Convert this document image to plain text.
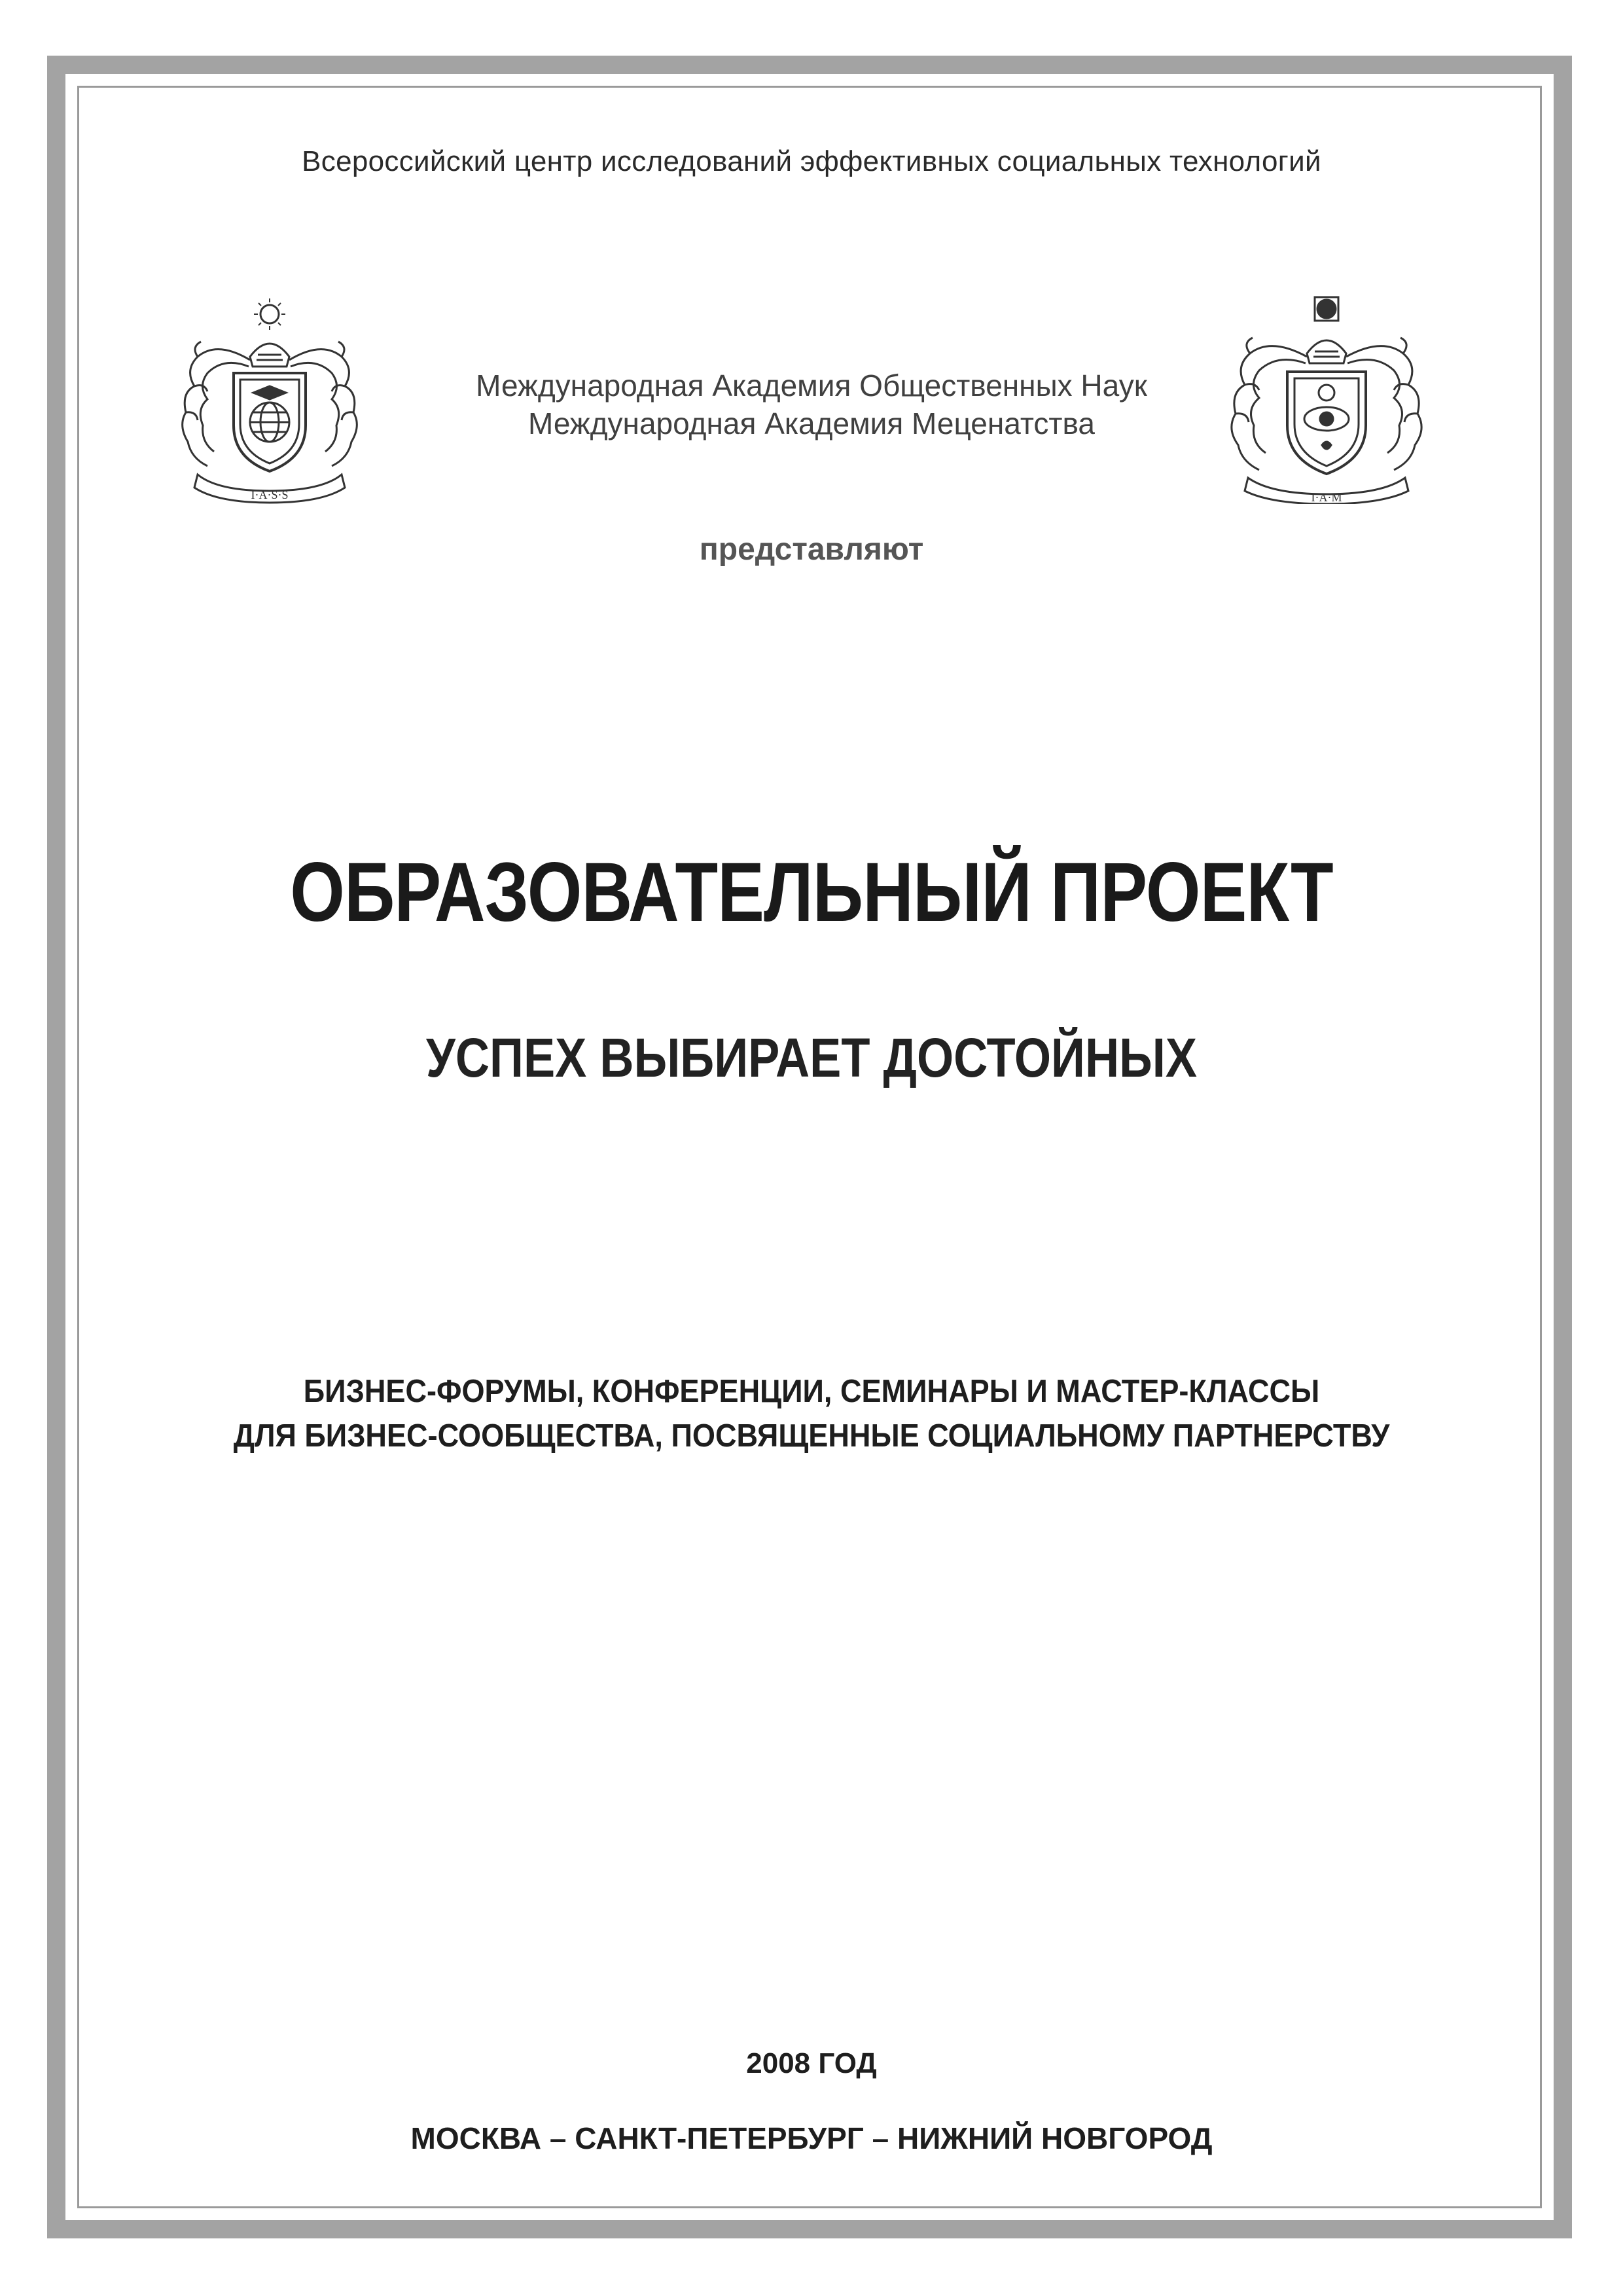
Всероссийский центр исследований эффективных социальных технологий
I·A·S·S	I·A·M
Международная Академия Общественных Наук
Международная Академия Меценатства
представляют
ОБРАЗОВАТЕЛЬНЫЙ ПРОЕКТ
УСПЕХ ВЫБИРАЕТ ДОСТОЙНЫХ
БИЗНЕС-ФОРУМЫ, КОНФЕРЕНЦИИ, СЕМИНАРЫ И МАСТЕР-КЛАССЫ
ДЛЯ БИЗНЕС-СООБЩЕСТВА, ПОСВЯЩЕННЫЕ СОЦИАЛЬНОМУ ПАРТНЕРСТВУ
2008 ГОД
МОСКВА – САНКТ-ПЕТЕРБУРГ – НИЖНИЙ НОВГОРОД
